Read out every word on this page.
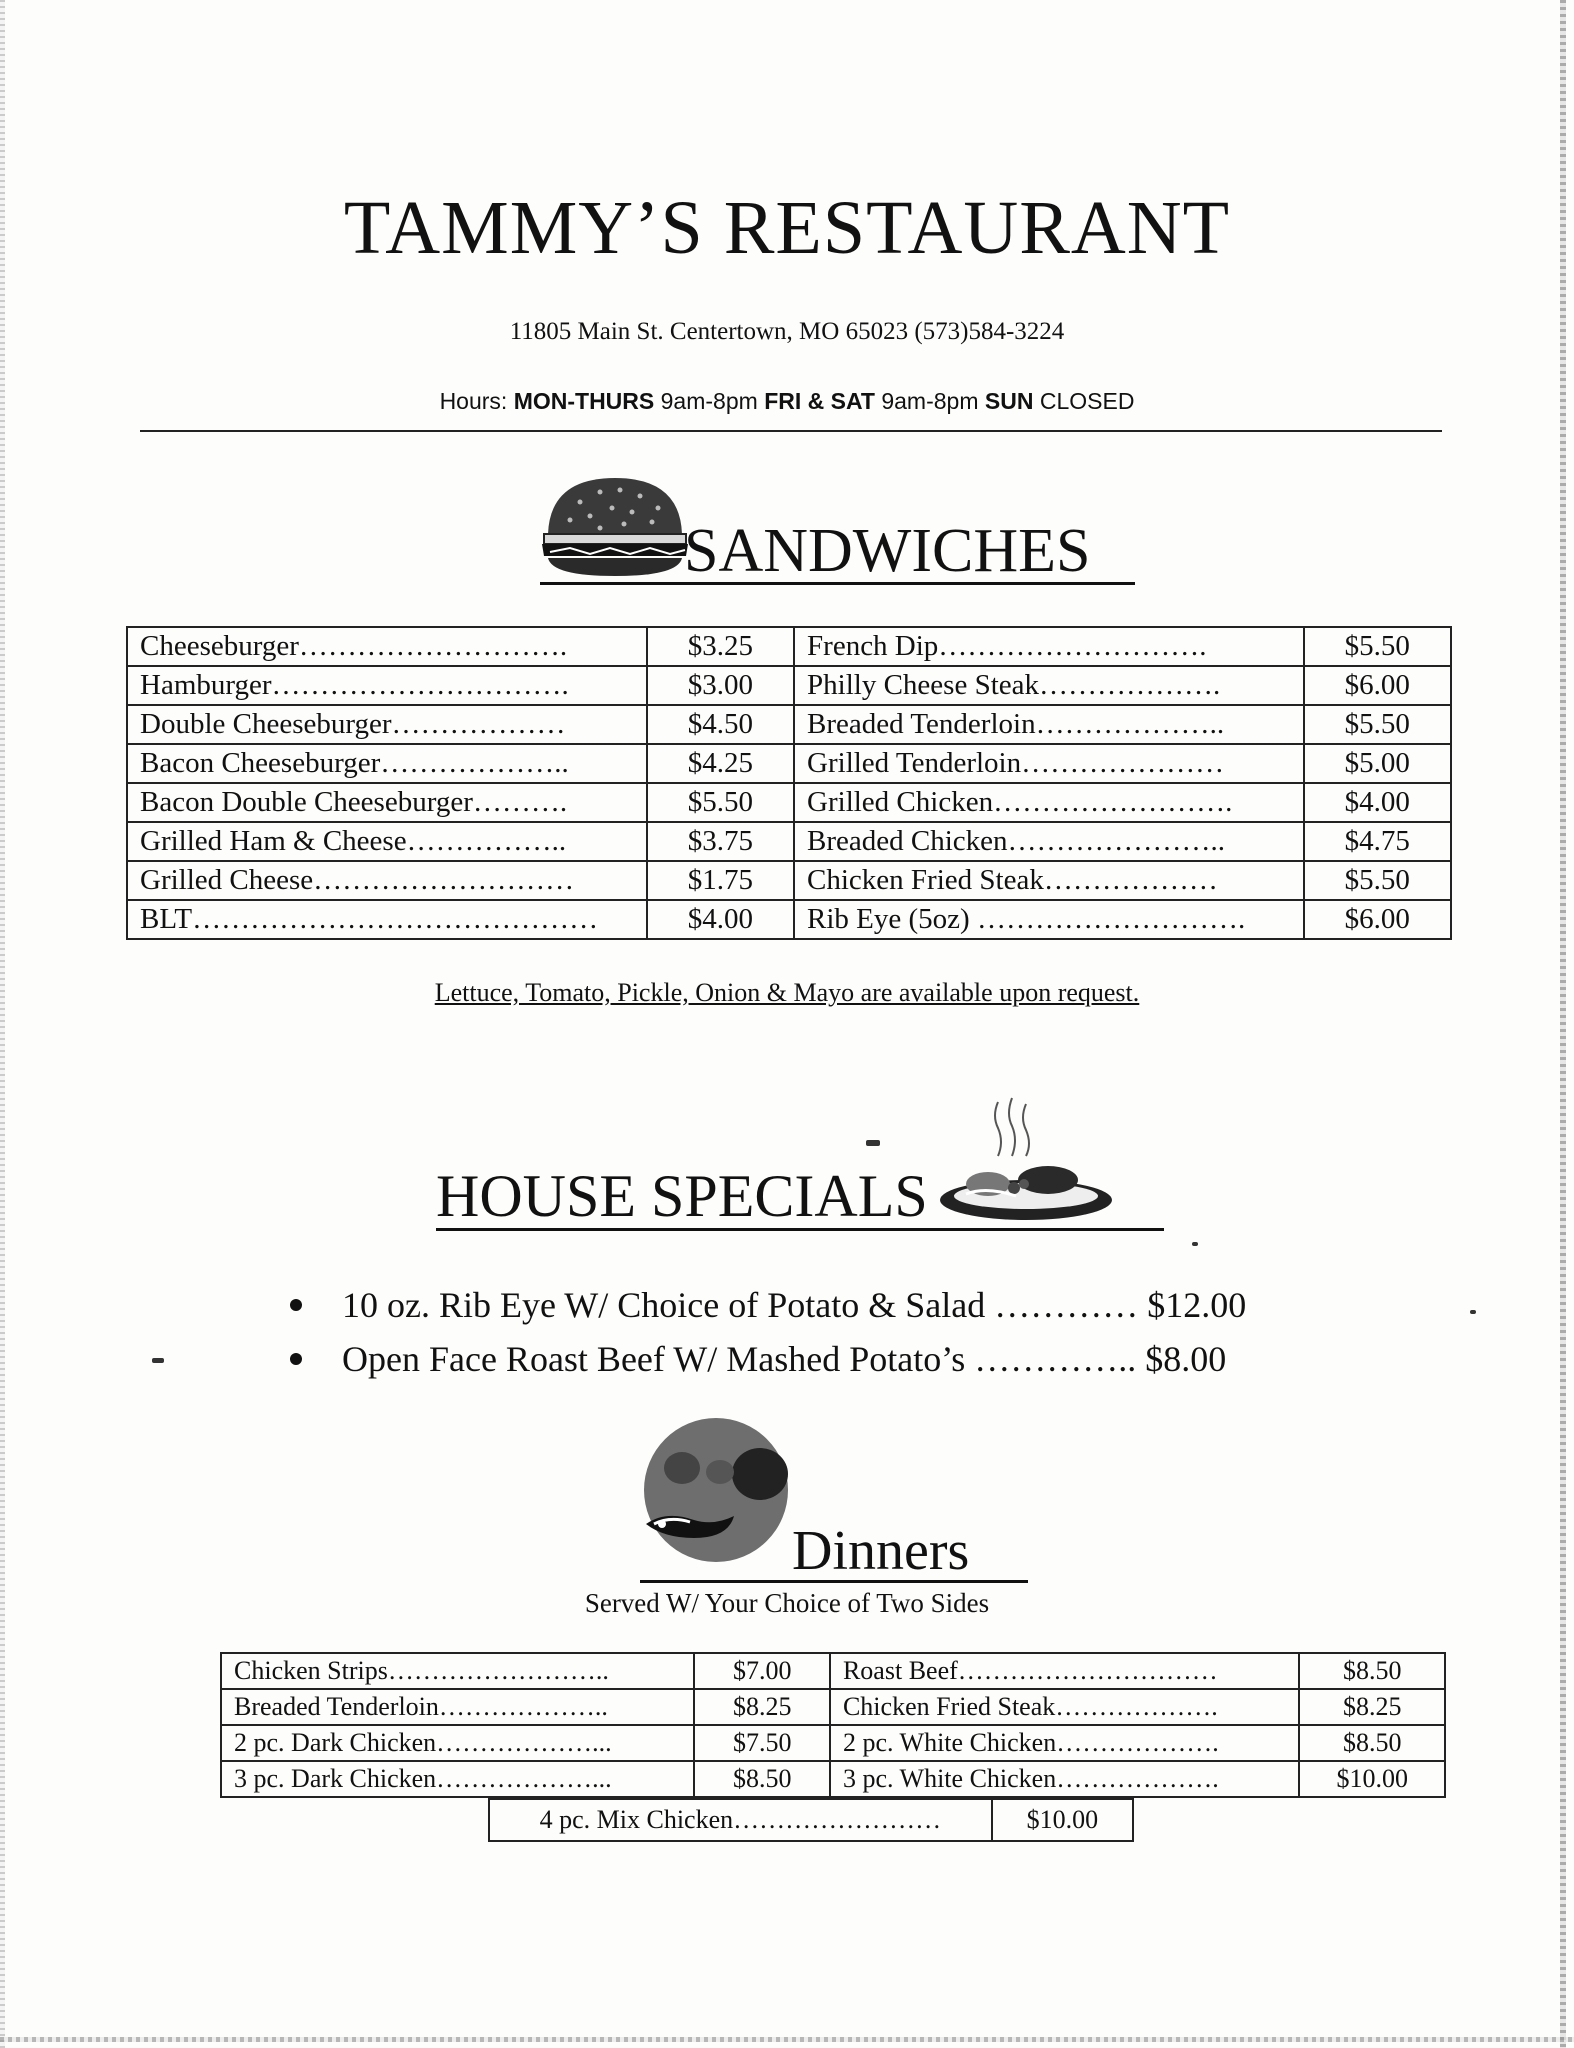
TAMMY’S RESTAURANT
11805 Main St. Centertown, MO 65023 (573)584-3224
Hours: MON-THURS 9am-8pm FRI & SAT 9am-8pm SUN CLOSED
SANDWICHES
Cheeseburger……………………….	$3.25	French Dip……………………….	$5.50
Hamburger………………………….	$3.00	Philly Cheese Steak……………….	$6.00
Double Cheeseburger………………	$4.50	Breaded Tenderloin………………..	$5.50
Bacon Cheeseburger………………..	$4.25	Grilled Tenderloin…………………	$5.00
Bacon Double Cheeseburger……….	$5.50	Grilled Chicken…………………….	$4.00
Grilled Ham & Cheese……………..	$3.75	Breaded Chicken…………………..	$4.75
Grilled Cheese………………………	$1.75	Chicken Fried Steak………………	$5.50
BLT……………………………………	$4.00	Rib Eye (5oz) ……………………….	$6.00
Lettuce, Tomato, Pickle, Onion & Mayo are available upon request.
HOUSE SPECIALS
10 oz. Rib Eye W/ Choice of Potato & Salad ………… $12.00
Open Face Roast Beef W/ Mashed Potato’s ………….. $8.00
Dinners
Served W/ Your Choice of Two Sides
Chicken Strips……………………..	$7.00	Roast Beef…………………………	$8.50
Breaded Tenderloin………………..	$8.25	Chicken Fried Steak……………….	$8.25
2 pc. Dark Chicken………………...	$7.50	2 pc. White Chicken……………….	$8.50
3 pc. Dark Chicken………………...	$8.50	3 pc. White Chicken……………….	$10.00
4 pc. Mix Chicken……………………	$10.00
